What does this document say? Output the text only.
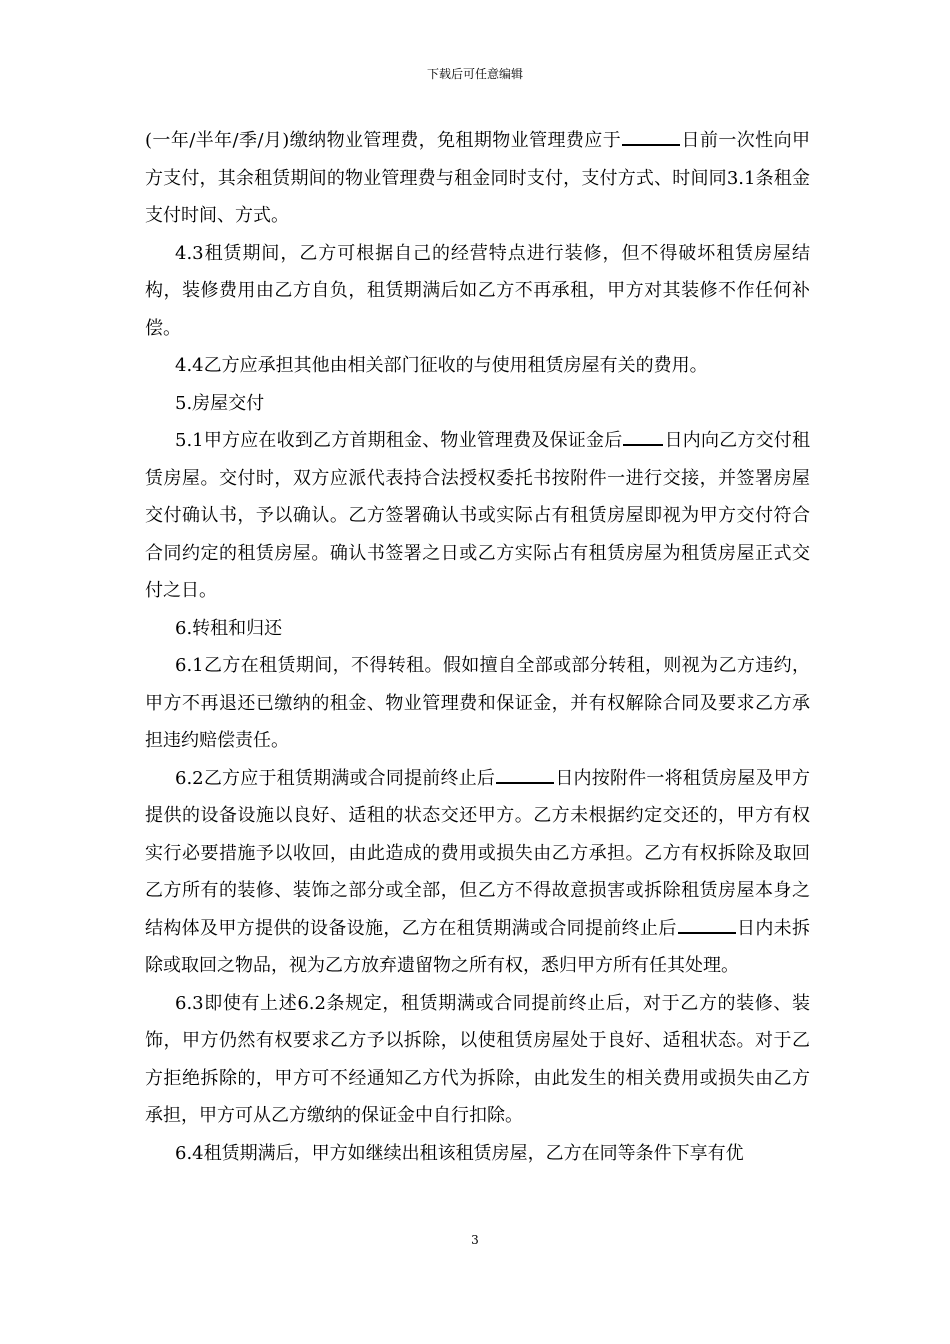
下载后可任意编辑

(一年/半年/季/月)缴纳物业管理费，免租期物业管理费应于	日前一次性向甲方支付，其余租赁期间的物业管理费与租金同时支付，支付方式、时间同3.1条租金支付时间、方式。

4.3租赁期间，乙方可根据自己的经营特点进行装修，但不得破坏租赁房屋结构，装修费用由乙方自负，租赁期满后如乙方不再承租，甲方对其装修不作任何补偿。

4.4乙方应承担其他由相关部门征收的与使用租赁房屋有关的费用。

5.房屋交付

5.1甲方应在收到乙方首期租金、物业管理费及保证金后 日内向乙方交付租赁房屋。交付时，双方应派代表持合法授权委托书按附件一进行交接，并签署房屋交付确认书，予以确认。乙方签署确认书或实际占有租赁房屋即视为甲方交付符合合同约定的租赁房屋。确认书签署之日或乙方实际占有租赁房屋为租赁房屋正式交付之日。

6.转租和归还

6.1乙方在租赁期间，不得转租。假如擅自全部或部分转租，则视为乙方违约，甲方不再退还已缴纳的租金、物业管理费和保证金，并有权解除合同及要求乙方承担违约赔偿责任。

6.2乙方应于租赁期满或合同提前终止后	日内按附件一将租赁房屋及甲方提供的设备设施以良好、适租的状态交还甲方。乙方未根据约定交还的，甲方有权实行必要措施予以收回，由此造成的费用或损失由乙方承担。乙方有权拆除及取回乙方所有的装修、装饰之部分或全部，但乙方不得故意损害或拆除租赁房屋本身之结构体及甲方提供的设备设施，乙方在租赁期满或合同提前终止后	日内未拆除或取回之物品，视为乙方放弃遗留物之所有权，悉归甲方所有任其处理。

6.3即使有上述6.2条规定，租赁期满或合同提前终止后，对于乙方的装修、装饰，甲方仍然有权要求乙方予以拆除，以使租赁房屋处于良好、适租状态。对于乙方拒绝拆除的，甲方可不经通知乙方代为拆除，由此发生的相关费用或损失由乙方承担，甲方可从乙方缴纳的保证金中自行扣除。

6.4租赁期满后，甲方如继续出租该租赁房屋，乙方在同等条件下享有优

3
